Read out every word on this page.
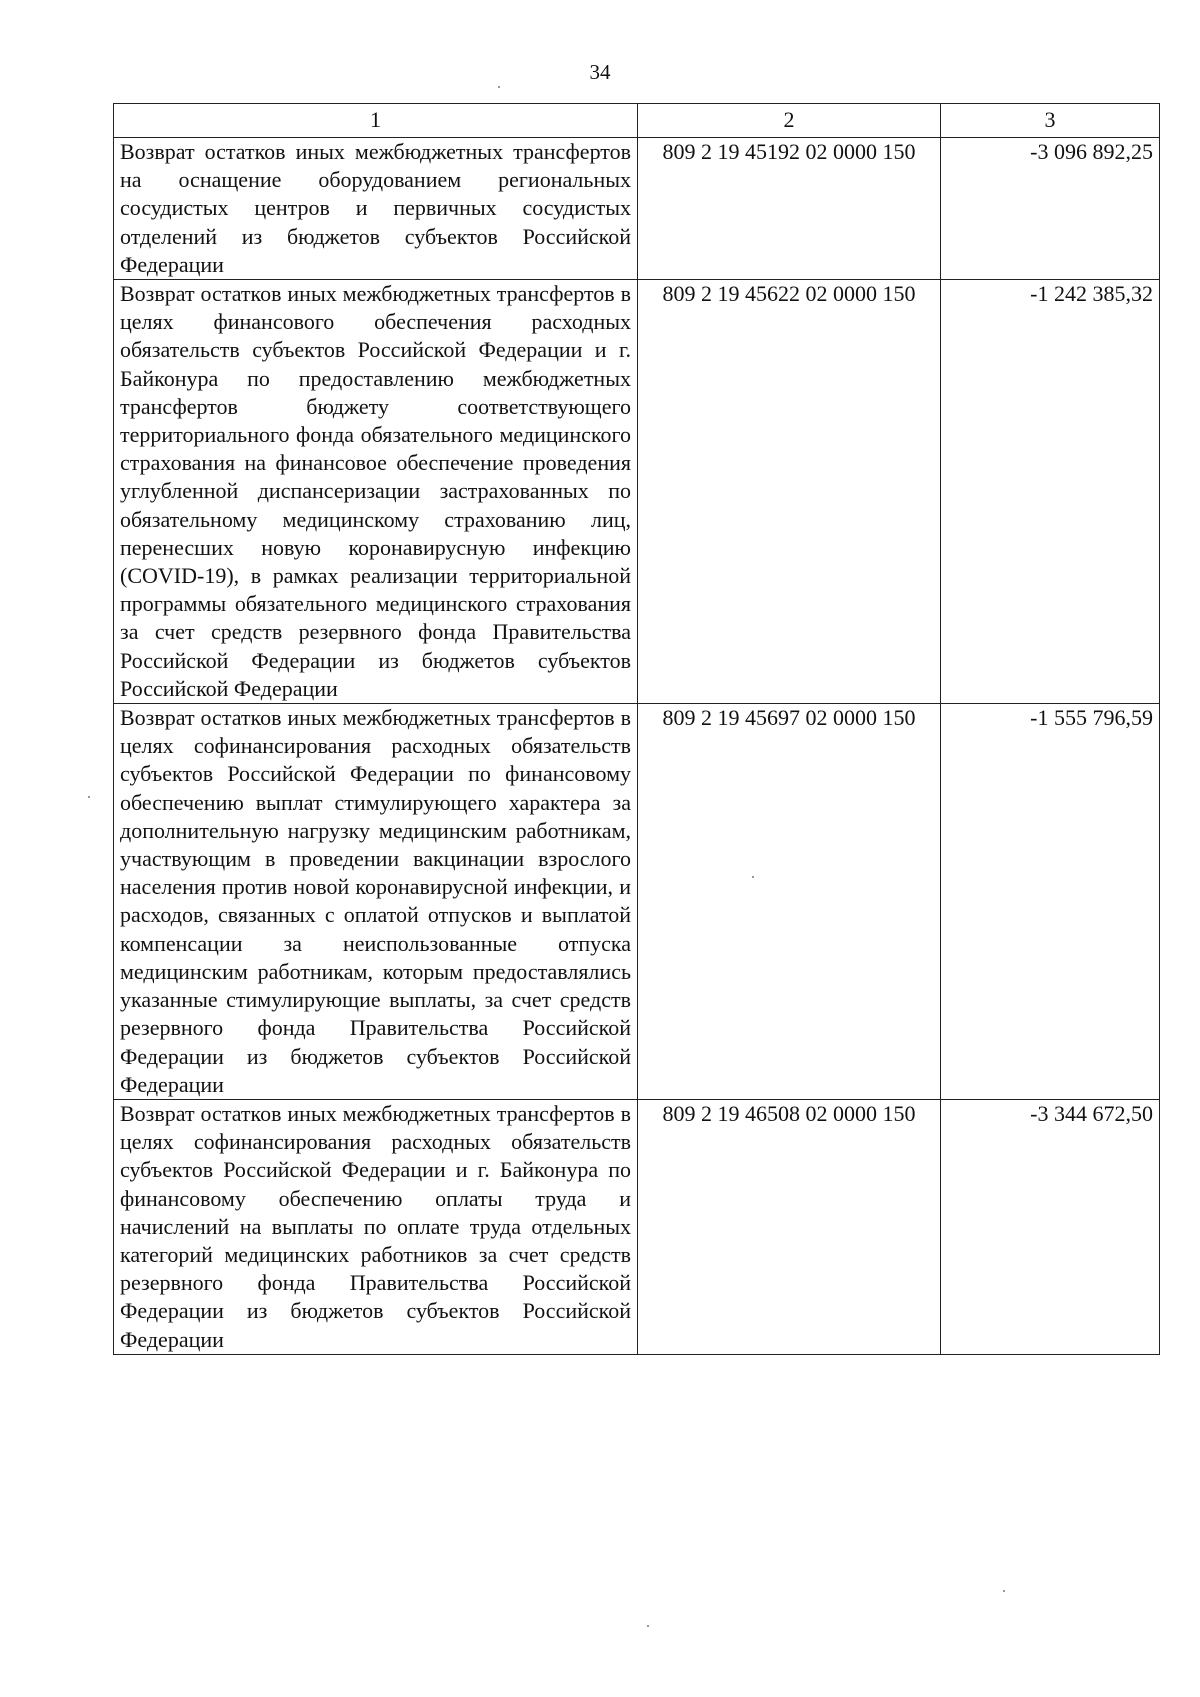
34
1	2	3
Возврат остатков иных межбюджетных трансфертов на оснащение оборудованием региональных сосудистых центров и первичных сосудистых отделений из бюджетов субъектов Российской Федерации	809 2 19 45192 02 0000 150	-3 096 892,25
Возврат остатков иных межбюджетных трансфертов в целях финансового обеспечения расходных обязательств субъектов Российской Федерации и г. Байконура по предоставлению межбюджетных трансфертов бюджету соответствующего территориального фонда обязательного медицинского страхования на финансовое обеспечение проведения углубленной диспансеризации застрахованных по обязательному медицинскому страхованию лиц, перенесших новую коронавирусную инфекцию (COVID-19), в рамках реализации территориальной программы обязательного медицинского страхования за счет средств резервного фонда Правительства Российской Федерации из бюджетов субъектов Российской Федерации	809 2 19 45622 02 0000 150	-1 242 385,32
Возврат остатков иных межбюджетных трансфертов в целях софинансирования расходных обязательств субъектов Российской Федерации по финансовому обеспечению выплат стимулирующего характера за дополнительную нагрузку медицинским работникам, участвующим в проведении вакцинации взрослого населения против новой коронавирусной инфекции, и расходов, связанных с оплатой отпусков и выплатой компенсации за неиспользованные отпуска медицинским работникам, которым предоставлялись указанные стимулирующие выплаты, за счет средств резервного фонда Правительства Российской Федерации из бюджетов субъектов Российской Федерации	809 2 19 45697 02 0000 150	-1 555 796,59
Возврат остатков иных межбюджетных трансфертов в целях софинансирования расходных обязательств субъектов Российской Федерации и г. Байконура по финансовому обеспечению оплаты труда и начислений на выплаты по оплате труда отдельных категорий медицинских работников за счет средств резервного фонда Правительства Российской Федерации из бюджетов субъектов Российской Федерации	809 2 19 46508 02 0000 150	-3 344 672,50
